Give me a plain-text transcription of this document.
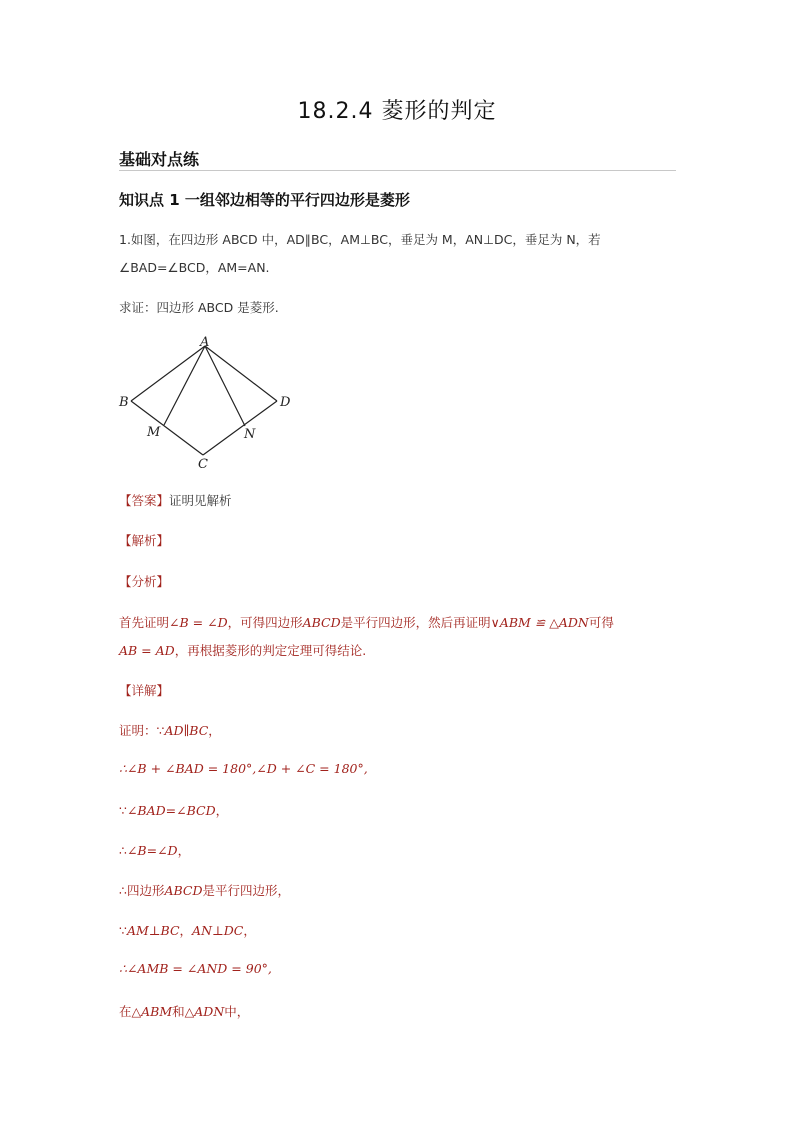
18.2.4 菱形的判定
基础对点练
知识点 1 一组邻边相等的平行四边形是菱形
1.如图，在四边形 ABCD 中，AD∥BC，AM⊥BC，垂足为 M，AN⊥DC，垂足为 N，若
∠BAD=∠BCD，AM=AN.
求证：四边形 ABCD 是菱形.
A
B	D
M	N
C
【答案】证明见解析
【解析】
【分析】
首先证明∠B = ∠D，可得四边形ABCD是平行四边形，然后再证明∨ABM ≌ △ADN可得
AB = AD，再根据菱形的判定定理可得结论.
【详解】
证明：∵AD∥BC，
∴∠B + ∠BAD = 180°,∠D + ∠C = 180°,
∵∠BAD=∠BCD，
∴∠B=∠D，
∴四边形ABCD是平行四边形，
∵AM⊥BC，AN⊥DC，
∴∠AMB = ∠AND = 90°,
在△ABM和△ADN中，
